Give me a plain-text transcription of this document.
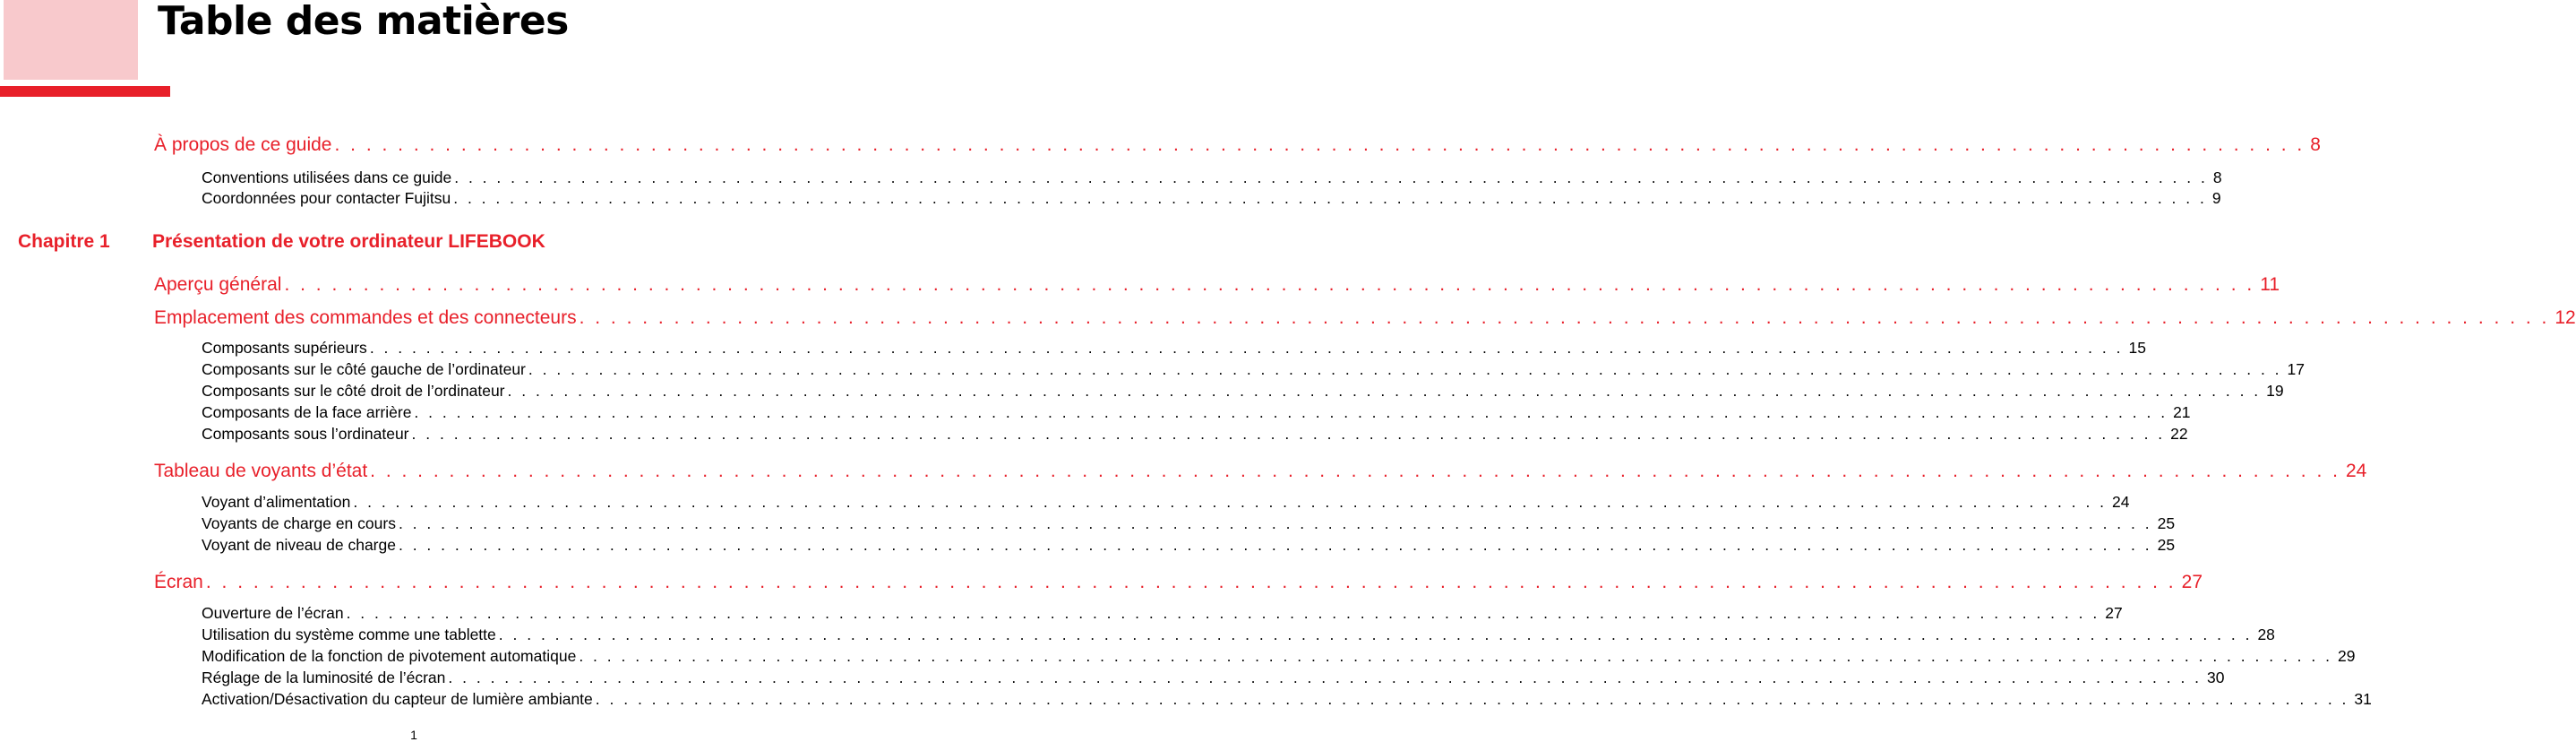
Table des matières
À propos de ce guide . . .	8
Conventions utilisées dans ce guide . . .	8
Coordonnées pour contacter Fujitsu . . .	9
Chapitre 1 Présentation de votre ordinateur LIFEBOOK
Aperçu général . . .	11
Emplacement des commandes et des connecteurs . . .	12
Composants supérieurs . . .	15
Composants sur le côté gauche de l’ordinateur . . .	17
Composants sur le côté droit de l’ordinateur . . .	19
Composants de la face arrière . . .	21
Composants sous l’ordinateur . . .	22
Tableau de voyants d’état . . .	24
Voyant d’alimentation . . .	24
Voyants de charge en cours . . .	25
Voyant de niveau de charge . . .	25
Écran . . .	27
Ouverture de l’écran . . .	27
Utilisation du système comme une tablette . . .	28
Modification de la fonction de pivotement automatique . . .	29
Réglage de la luminosité de l’écran . . .	30
Activation/Désactivation du capteur de lumière ambiante . . .	31
1
